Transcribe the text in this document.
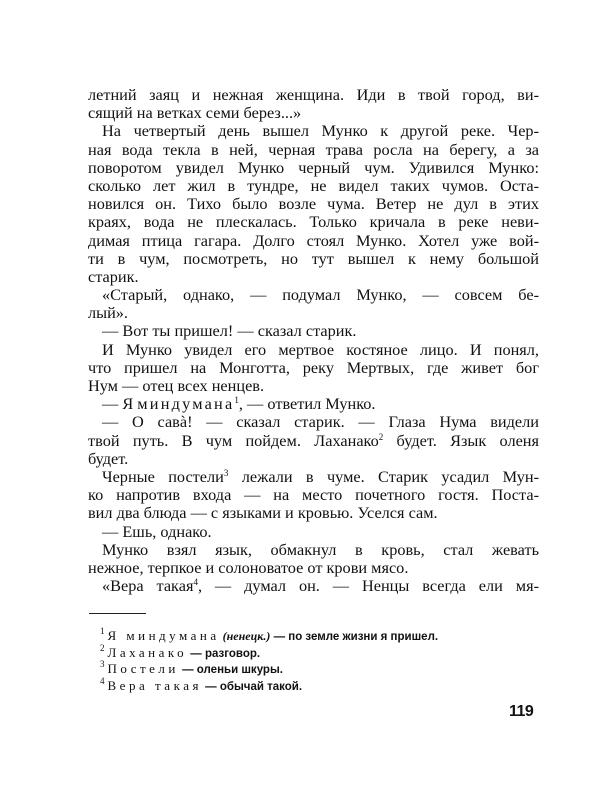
летний заяц и нежная женщина. Иди в твой город, ви-
сящий на ветках семи берез...»
На четвертый день вышел Мунко к другой реке. Чер-
ная вода текла в ней, черная трава росла на берегу, а за
поворотом увидел Мунко черный чум. Удивился Мунко:
сколько лет жил в тундре, не видел таких чумов. Оста-
новился он. Тихо было возле чума. Ветер не дул в этих
краях, вода не плескалась. Только кричала в реке неви-
димая птица гагара. Долго стоял Мунко. Хотел уже вой-
ти в чум, посмотреть, но тут вышел к нему большой
старик.
«Старый, однако, — подумал Мунко, — совсем бе-
лый».
— Вот ты пришел! — сказал старик.
И Мунко увидел его мертвое костяное лицо. И понял,
что пришел на Монготта, реку Мертвых, где живет бог
Нум — отец всех ненцев.
— Я миндумана$^1$, — ответил Мунко.
— О савà! — сказал старик. — Глаза Нума видели
твой путь. В чум пойдем. Лаханако$^2$ будет. Язык оленя
будет.
Черные постели$^3$ лежали в чуме. Старик усадил Мун-
ко напротив входа — на место почетного гостя. Поста-
вил два блюда — с языками и кровью. Уселся сам.
— Ешь, однако.
Мунко взял язык, обмакнул в кровь, стал жевать
нежное, терпкое и солоноватое от крови мясо.
«Вера такая$^4$, — думал он. — Ненцы всегда ели мя-
$^1$ Я миндумана (ненецк.) — по земле жизни я пришел.
$^2$ Лаханако — разговор.
$^3$ Постели — оленьи шкуры.
$^4$ Вера такая — обычай такой.
119
